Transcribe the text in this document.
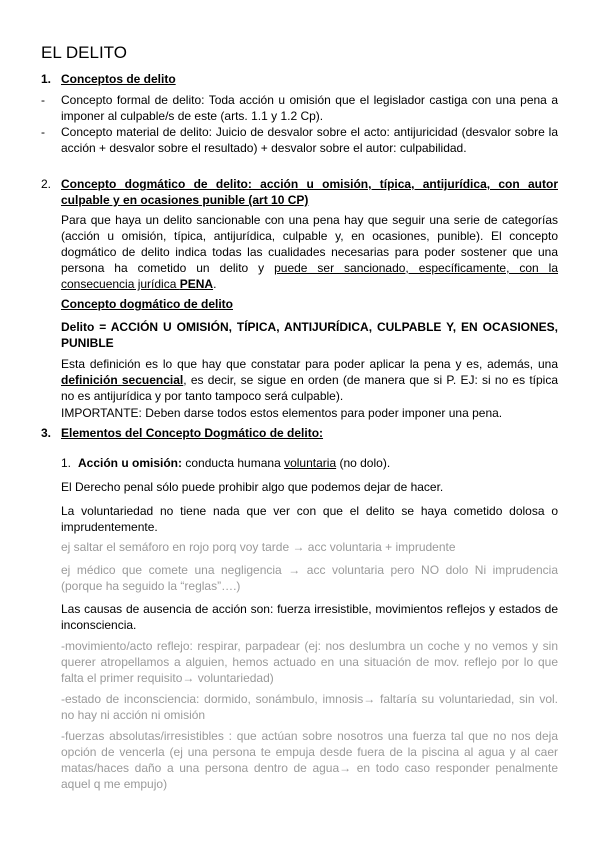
EL DELITO
1. Conceptos de delito
- Concepto formal de delito: Toda acción u omisión que el legislador castiga con una pena a imponer al culpable/s de este (arts. 1.1 y 1.2 Cp).
- Concepto material de delito: Juicio de desvalor sobre el acto: antijuricidad (desvalor sobre la acción + desvalor sobre el resultado) + desvalor sobre el autor: culpabilidad.
2. Concepto dogmático de delito: acción u omisión, típica, antijurídica, con autor culpable y en ocasiones punible (art 10 CP)
Para que haya un delito sancionable con una pena hay que seguir una serie de categorías (acción u omisión, típica, antijurídica, culpable y, en ocasiones, punible). El concepto dogmático de delito indica todas las cualidades necesarias para poder sostener que una persona ha cometido un delito y puede ser sancionado, específicamente, con la consecuencia jurídica PENA.
Concepto dogmático de delito
Delito = ACCIÓN U OMISIÓN, TÍPICA, ANTIJURÍDICA, CULPABLE Y, EN OCASIONES, PUNIBLE
Esta definición es lo que hay que constatar para poder aplicar la pena y es, además, una definición secuencial, es decir, se sigue en orden (de manera que si P. EJ: si no es típica no es antijurídica y por tanto tampoco será culpable).
IMPORTANTE: Deben darse todos estos elementos para poder imponer una pena.
3. Elementos del Concepto Dogmático de delito:
1. Acción u omisión: conducta humana voluntaria (no dolo).
El Derecho penal sólo puede prohibir algo que podemos dejar de hacer.
La voluntariedad no tiene nada que ver con que el delito se haya cometido dolosa o imprudentemente.
ej saltar el semáforo en rojo porq voy tarde → acc voluntaria + imprudente
ej médico que comete una negligencia → acc voluntaria pero NO dolo Ni imprudencia (porque ha seguido la “reglas”….)
Las causas de ausencia de acción son: fuerza irresistible, movimientos reflejos y estados de inconsciencia.
-movimiento/acto reflejo: respirar, parpadear (ej: nos deslumbra un coche y no vemos y sin querer atropellamos a alguien, hemos actuado en una situación de mov. reflejo por lo que falta el primer requisito→ voluntariedad)
-estado de inconsciencia: dormido, sonámbulo, imnosis→ faltaría su voluntariedad, sin vol. no hay ni acción ni omisión
-fuerzas absolutas/irresistibles : que actúan sobre nosotros una fuerza tal que no nos deja opción de vencerla (ej una persona te empuja desde fuera de la piscina al agua y al caer matas/haces daño a una persona dentro de agua→ en todo caso responder penalmente aquel q me empujo)
